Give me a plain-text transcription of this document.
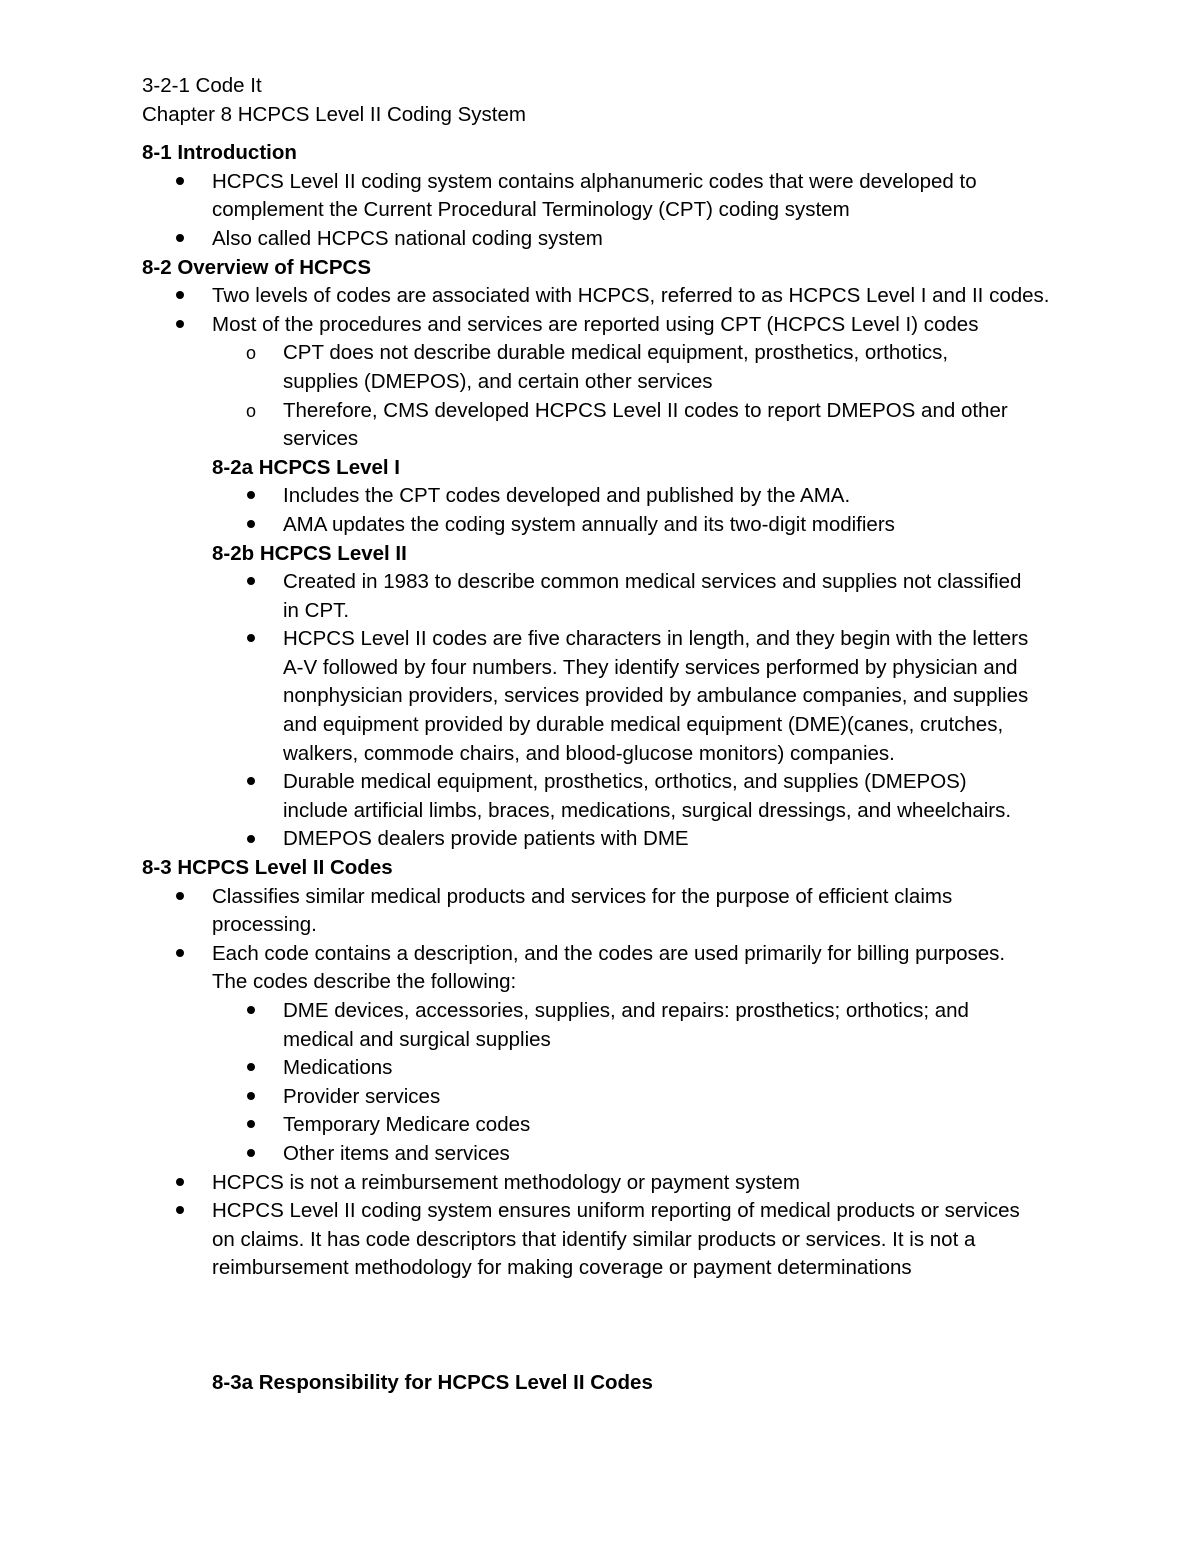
3-2-1 Code It
Chapter 8 HCPCS Level II Coding System
8-1 Introduction
HCPCS Level II coding system contains alphanumeric codes that were developed to
complement the Current Procedural Terminology (CPT) coding system
Also called HCPCS national coding system
8-2 Overview of HCPCS
Two levels of codes are associated with HCPCS, referred to as HCPCS Level I and II codes.
Most of the procedures and services are reported using CPT (HCPCS Level I) codes
o CPT does not describe durable medical equipment, prosthetics, orthotics,
supplies (DMEPOS), and certain other services
o Therefore, CMS developed HCPCS Level II codes to report DMEPOS and other
services
8-2a HCPCS Level I
Includes the CPT codes developed and published by the AMA.
AMA updates the coding system annually and its two-digit modifiers
8-2b HCPCS Level II
Created in 1983 to describe common medical services and supplies not classified
in CPT.
HCPCS Level II codes are five characters in length, and they begin with the letters
A-V followed by four numbers. They identify services performed by physician and
nonphysician providers, services provided by ambulance companies, and supplies
and equipment provided by durable medical equipment (DME)(canes, crutches,
walkers, commode chairs, and blood-glucose monitors) companies.
Durable medical equipment, prosthetics, orthotics, and supplies (DMEPOS)
include artificial limbs, braces, medications, surgical dressings, and wheelchairs.
DMEPOS dealers provide patients with DME
8-3 HCPCS Level II Codes
Classifies similar medical products and services for the purpose of efficient claims
processing.
Each code contains a description, and the codes are used primarily for billing purposes.
The codes describe the following:
DME devices, accessories, supplies, and repairs: prosthetics; orthotics; and
medical and surgical supplies
Medications
Provider services
Temporary Medicare codes
Other items and services
HCPCS is not a reimbursement methodology or payment system
HCPCS Level II coding system ensures uniform reporting of medical products or services
on claims. It has code descriptors that identify similar products or services. It is not a
reimbursement methodology for making coverage or payment determinations
8-3a Responsibility for HCPCS Level II Codes
